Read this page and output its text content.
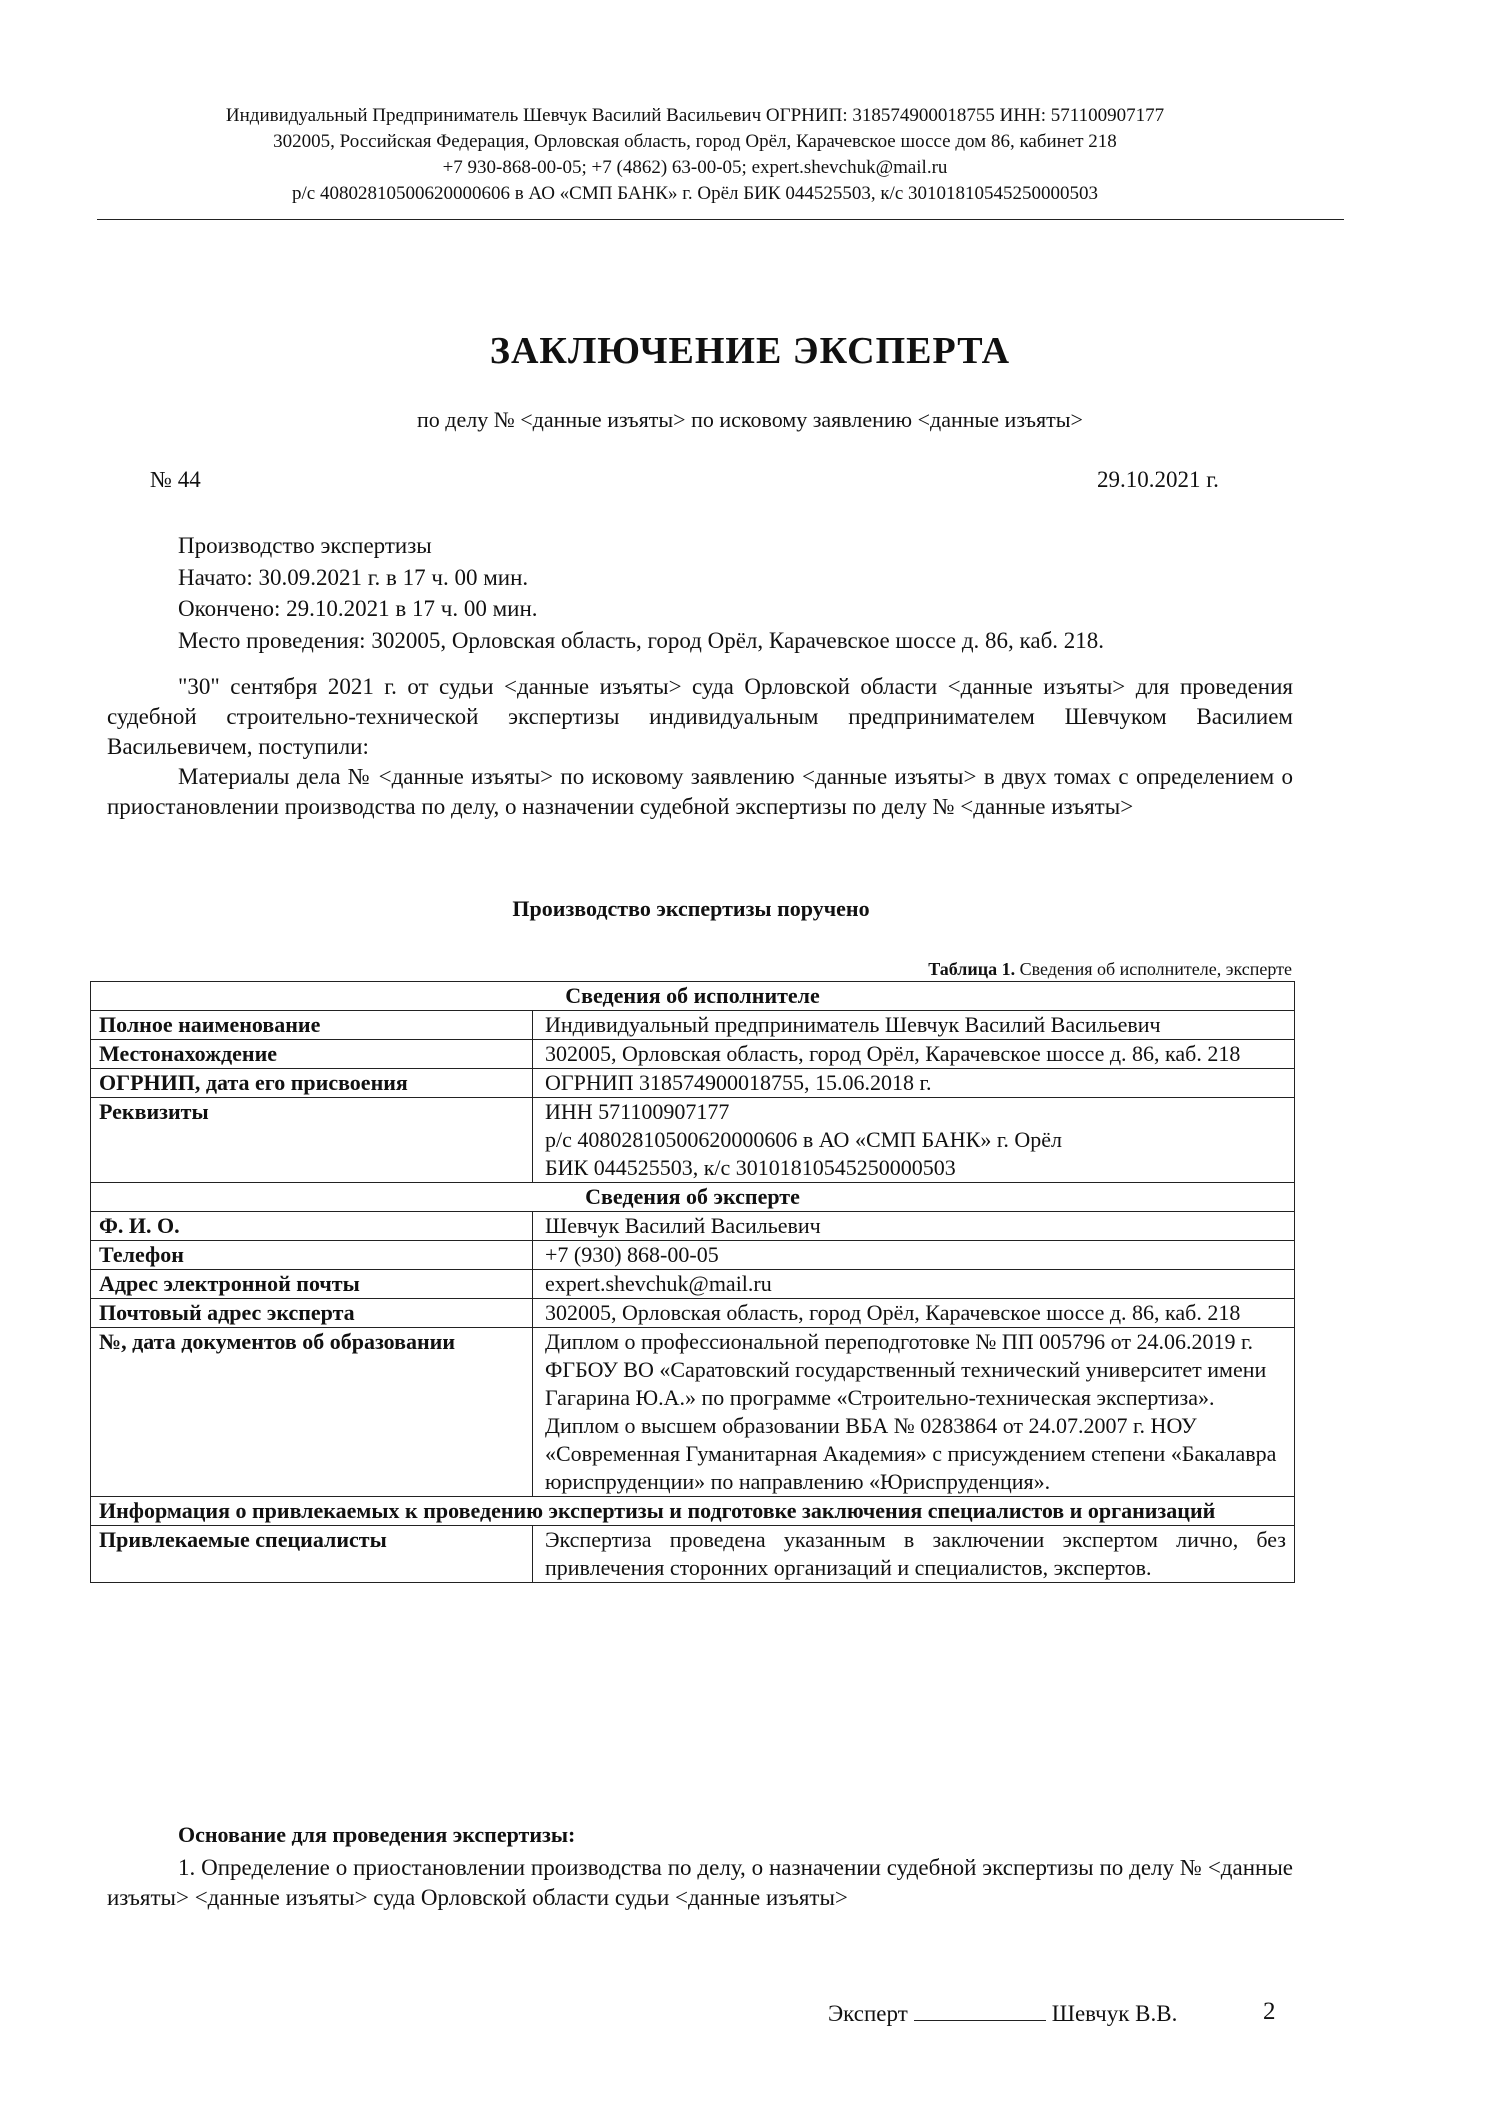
Индивидуальный Предприниматель Шевчук Василий Васильевич ОГРНИП: 318574900018755 ИНН: 571100907177
302005, Российская Федерация, Орловская область, город Орёл, Карачевское шоссе дом 86, кабинет 218
+7 930-868-00-05; +7 (4862) 63-00-05; expert.shevchuk@mail.ru
р/с 40802810500620000606 в АО «СМП БАНК» г. Орёл БИК 044525503, к/с 30101810545250000503
ЗАКЛЮЧЕНИЕ ЭКСПЕРТА
по делу № <данные изъяты> по исковому заявлению <данные изъяты>
№ 44	29.10.2021 г.
Производство экспертизы
Начато: 30.09.2021 г. в 17 ч. 00 мин.
Окончено: 29.10.2021 в 17 ч. 00 мин.
Место проведения: 302005, Орловская область, город Орёл, Карачевское шоссе д. 86, каб. 218.

"30" сентября 2021 г. от судьи <данные изъяты> суда Орловской области <данные изъяты> для проведения судебной строительно-технической экспертизы индивидуальным предпринимателем Шевчуком Василием Васильевичем, поступили:

Материалы дела № <данные изъяты> по исковому заявлению <данные изъяты> в двух томах с определением о приостановлении производства по делу, о назначении судебной экспертизы по делу № <данные изъяты>

Производство экспертизы поручено
Таблица 1. Сведения об исполнителе, эксперте
Сведения об исполнителе	
Полное наименование	Индивидуальный предприниматель Шевчук Василий Васильевич
Местонахождение	302005, Орловская область, город Орёл, Карачевское шоссе д. 86, каб. 218
ОГРНИП, дата его присвоения	ОГРНИП 318574900018755, 15.06.2018 г.
Реквизиты	ИНН 571100907177
р/с 40802810500620000606 в АО «СМП БАНК» г. Орёл
БИК 044525503, к/с 30101810545250000503

Сведения об эксперте	
Ф. И. О.	Шевчук Василий Васильевич
Телефон	+7 (930) 868-00-05
Адрес электронной почты	expert.shevchuk@mail.ru
Почтовый адрес эксперта	302005, Орловская область, город Орёл, Карачевское шоссе д. 86, каб. 218
№, дата документов об образовании	Диплом о профессиональной переподготовке № ПП 005796 от 24.06.2019 г. ФГБОУ ВО «Саратовский государственный технический университет имени Гагарина Ю.А.» по программе «Строительно-техническая экспертиза».
Диплом о высшем образовании ВБА № 0283864 от 24.07.2007 г. НОУ «Современная Гуманитарная Академия» с присуждением степени «Бакалавра юриспруденции» по направлению «Юриспруденция».

Информация о привлекаемых к проведению экспертизы и подготовке заключения специалистов и организаций	
Привлекаемые специалисты	Экспертиза проведена указанным в заключении экспертом лично, без привлечения сторонних организаций и специалистов, экспертов.
Основание для проведения экспертизы:

1. Определение о приостановлении производства по делу, о назначении судебной экспертизы по делу № <данные изъяты> <данные изъяты> суда Орловской области судьи <данные изъяты>

Эксперт	Шевчук В.В.	2
